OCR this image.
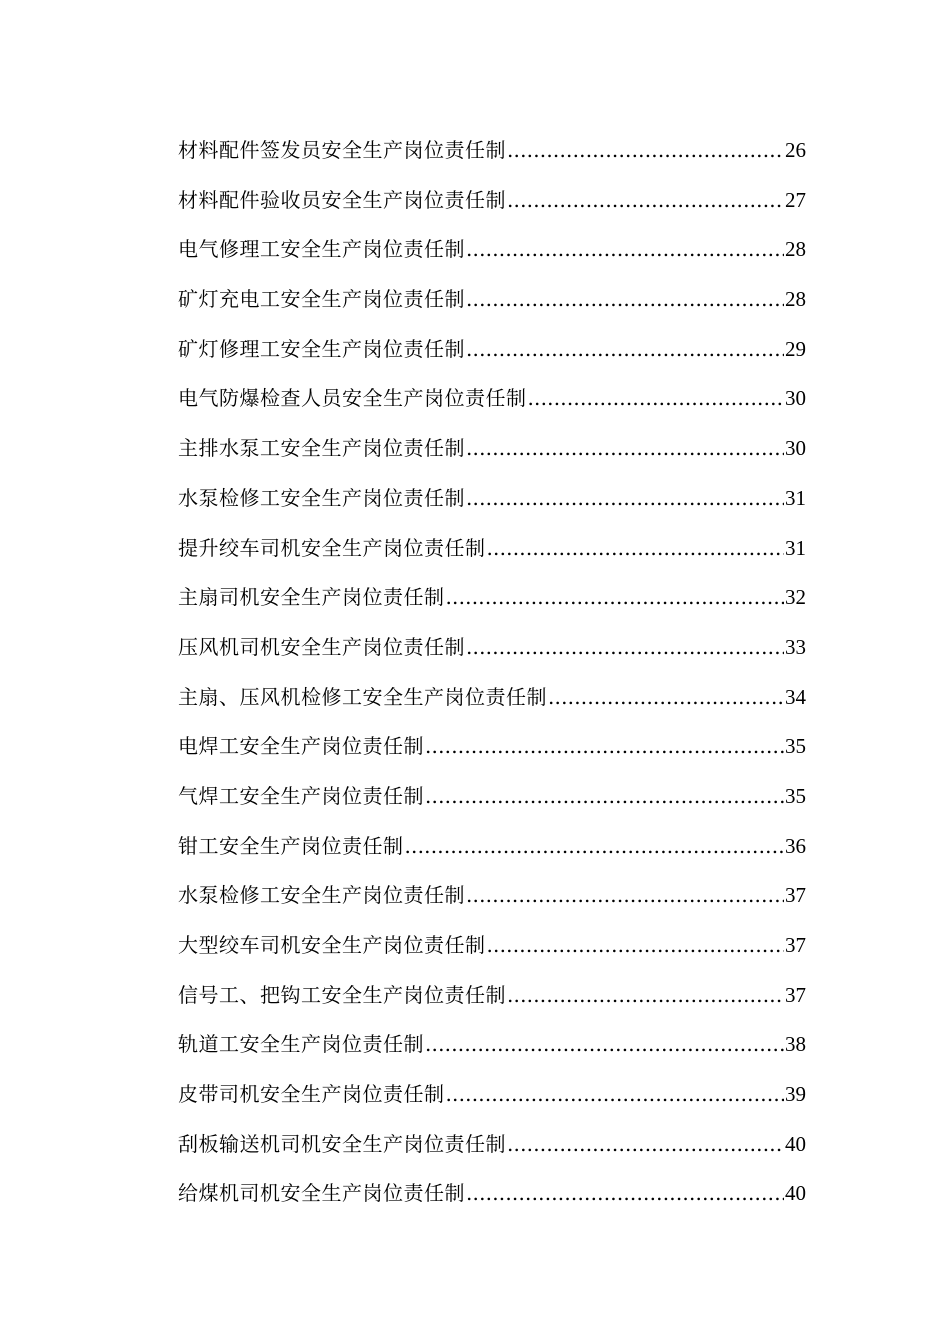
材料配件签发员安全生产岗位责任制 .....	26
材料配件验收员安全生产岗位责任制 .....	27
电气修理工安全生产岗位责任制 .....	28
矿灯充电工安全生产岗位责任制 .....	28
矿灯修理工安全生产岗位责任制 .....	29
电气防爆检查人员安全生产岗位责任制 .....	30
主排水泵工安全生产岗位责任制 .....	30
水泵检修工安全生产岗位责任制 .....	31
提升绞车司机安全生产岗位责任制 .....	31
主扇司机安全生产岗位责任制 .....	32
压风机司机安全生产岗位责任制 .....	33
主扇、压风机检修工安全生产岗位责任制 .....	34
电焊工安全生产岗位责任制 .....	35
气焊工安全生产岗位责任制 .....	35
钳工安全生产岗位责任制 .....	36
水泵检修工安全生产岗位责任制 .....	37
大型绞车司机安全生产岗位责任制 .....	37
信号工、把钩工安全生产岗位责任制 .....	37
轨道工安全生产岗位责任制 .....	38
皮带司机安全生产岗位责任制 .....	39
刮板输送机司机安全生产岗位责任制 .....	40
给煤机司机安全生产岗位责任制 .....	40
